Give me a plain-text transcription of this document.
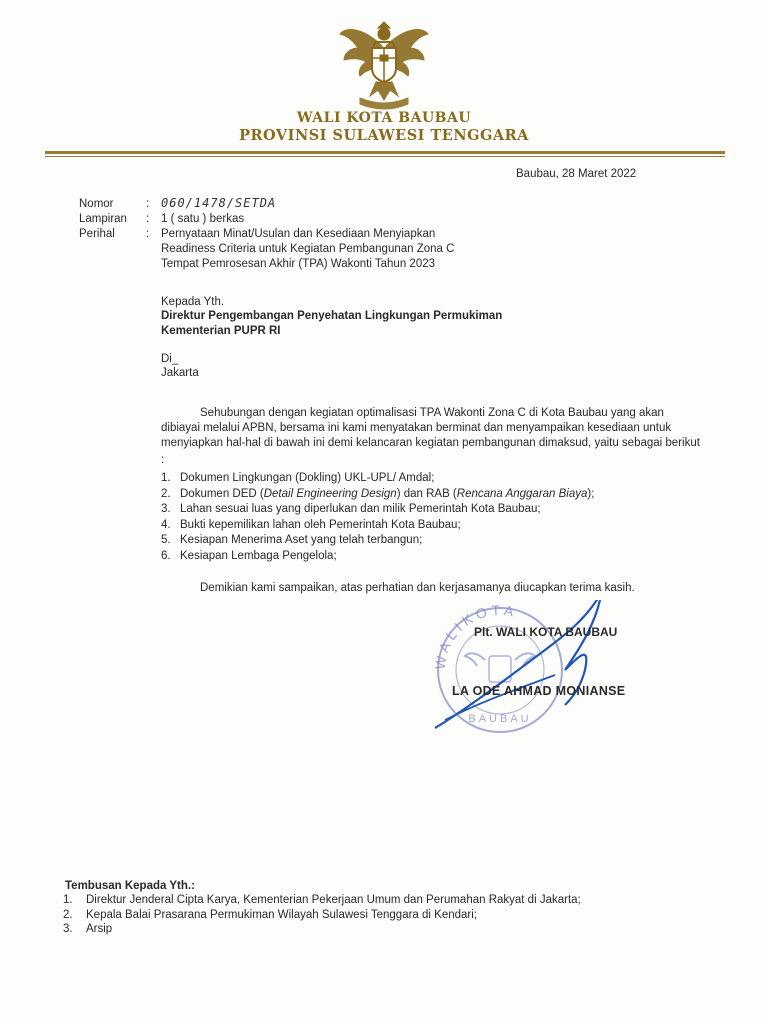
WALI KOTA BAUBAU
PROVINSI SULAWESI TENGGARA
Baubau, 28 Maret 2022
Nomor	: 060/1478/SETDA
Lampiran : 1 ( satu ) berkas
Perihal	: Pernyataan Minat/Usulan dan Kesediaan Menyiapkan
Readiness Criteria untuk Kegiatan Pembangunan Zona C
Tempat Pemrosesan Akhir (TPA) Wakonti Tahun 2023
Kepada Yth.
Direktur Pengembangan Penyehatan Lingkungan Permukiman
Kementerian PUPR RI
Di_
Jakarta
Sehubungan dengan kegiatan optimalisasi TPA Wakonti Zona C di Kota Baubau yang akan
dibiayai melalui APBN, bersama ini kami menyatakan berminat dan menyampaikan kesediaan untuk
menyiapkan hal-hal di bawah ini demi kelancaran kegiatan pembangunan dimaksud, yaitu sebagai berikut
:
1. Dokumen Lingkungan (Dokling) UKL-UPL/ Amdal;
2. Dokumen DED (Detail Engineering Design) dan RAB (Rencana Anggaran Biaya);
3. Lahan sesuai luas yang diperlukan dan milik Pemerintah Kota Baubau;
4. Bukti kepemilikan lahan oleh Pemerintah Kota Baubau;
5. Kesiapan Menerima Aset yang telah terbangun;
6. Kesiapan Lembaga Pengelola;
Demikian kami sampaikan, atas perhatian dan kerjasamanya diucapkan terima kasih.
WALIKOTA
BAUBAU
Plt. WALI KOTA BAUBAU
LA ODE AHMAD MONIANSE
Tembusan Kepada Yth.:
1. Direktur Jenderal Cipta Karya, Kementerian Pekerjaan Umum dan Perumahan Rakyat di Jakarta;
2. Kepala Balai Prasarana Permukiman Wilayah Sulawesi Tenggara di Kendari;
3. Arsip
